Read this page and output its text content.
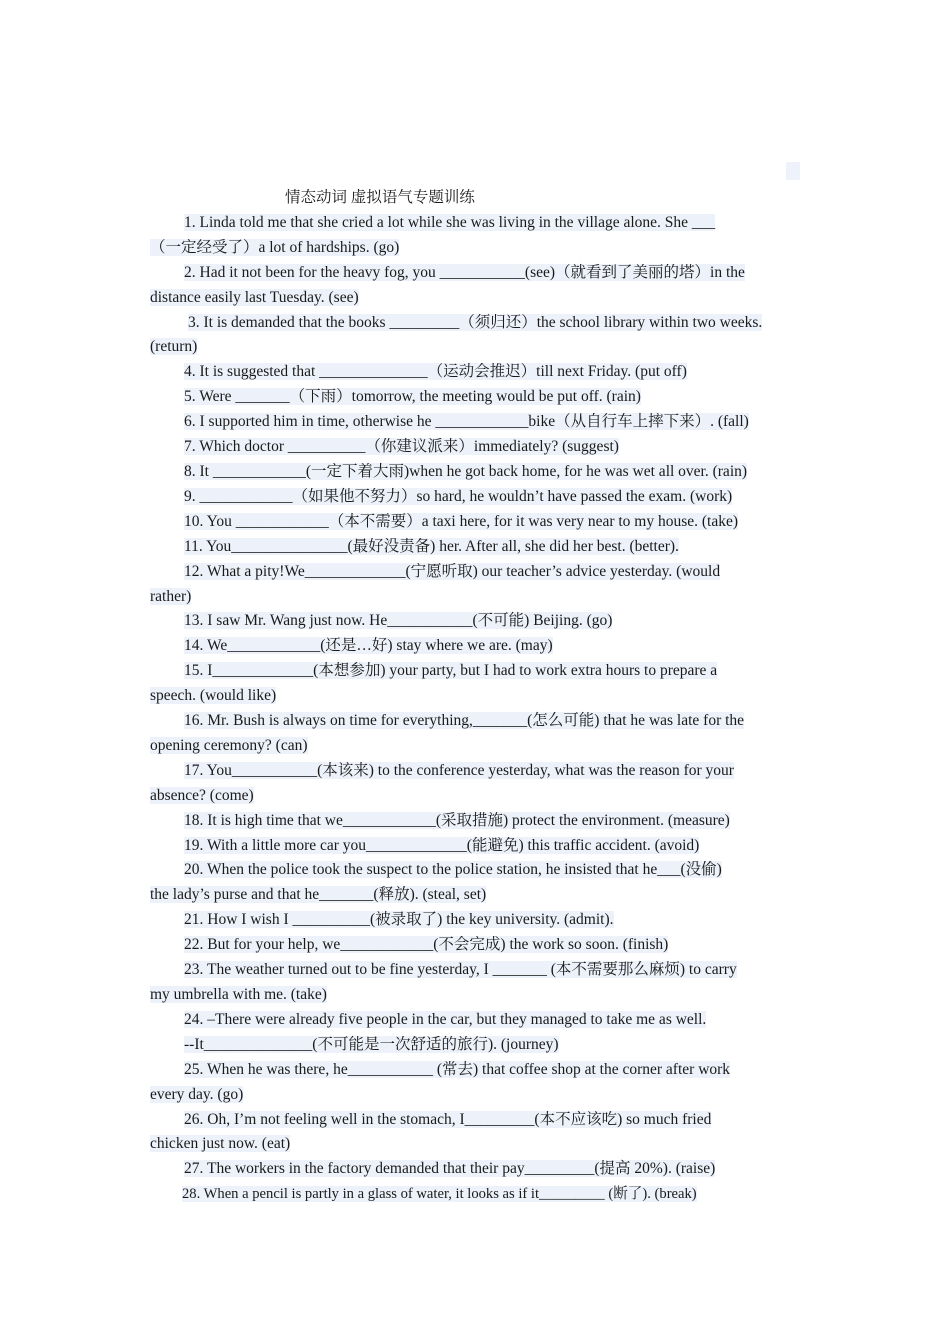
情态动词 虚拟语气专题训练
1. Linda told me that she cried a lot while she was living in the village alone. She ___
（一定经受了）a lot of hardships. (go)
2. Had it not been for the heavy fog, you ___________(see)（就看到了美丽的塔）in the
distance easily last Tuesday. (see)
3. It is demanded that the books _________（须归还）the school library within two weeks.
(return)
4. It is suggested that ______________（运动会推迟）till next Friday. (put off)
5. Were _______（下雨）tomorrow, the meeting would be put off. (rain)
6. I supported him in time, otherwise he ____________bike（从自行车上摔下来）. (fall)
7. Which doctor __________（你建议派来）immediately? (suggest)
8. It ____________(一定下着大雨)when he got back home, for he was wet all over. (rain)
9. ____________（如果他不努力）so hard, he wouldn’t have passed the exam. (work)
10. You ____________（本不需要）a taxi here, for it was very near to my house. (take)
11. You_______________(最好没责备) her. After all, she did her best. (better).
12. What a pity!We_____________(宁愿听取) our teacher’s advice yesterday. (would
rather)
13. I saw Mr. Wang just now. He___________(不可能) Beijing. (go)
14. We____________(还是…好) stay where we are. (may)
15. I_____________(本想参加) your party, but I had to work extra hours to prepare a
speech. (would like)
16. Mr. Bush is always on time for everything,_______(怎么可能) that he was late for the
opening ceremony? (can)
17. You___________(本该来) to the conference yesterday, what was the reason for your
absence? (come)
18. It is high time that we____________(采取措施) protect the environment. (measure)
19. With a little more car you_____________(能避免) this traffic accident. (avoid)
20. When the police took the suspect to the police station, he insisted that he___(没偷)
the lady’s purse and that he_______(释放). (steal, set)
21. How I wish I __________(被录取了) the key university. (admit).
22. But for your help, we____________(不会完成) the work so soon. (finish)
23. The weather turned out to be fine yesterday, I _______ (本不需要那么麻烦) to carry
my umbrella with me. (take)
24. –There were already five people in the car, but they managed to take me as well.
--It______________(不可能是一次舒适的旅行). (journey)
25. When he was there, he___________ (常去) that coffee shop at the corner after work
every day. (go)
26. Oh, I’m not feeling well in the stomach, I_________(本不应该吃) so much fried
chicken just now. (eat)
27. The workers in the factory demanded that their pay_________(提高 20%). (raise)
28. When a pencil is partly in a glass of water, it looks as if it_________ (断了). (break)
